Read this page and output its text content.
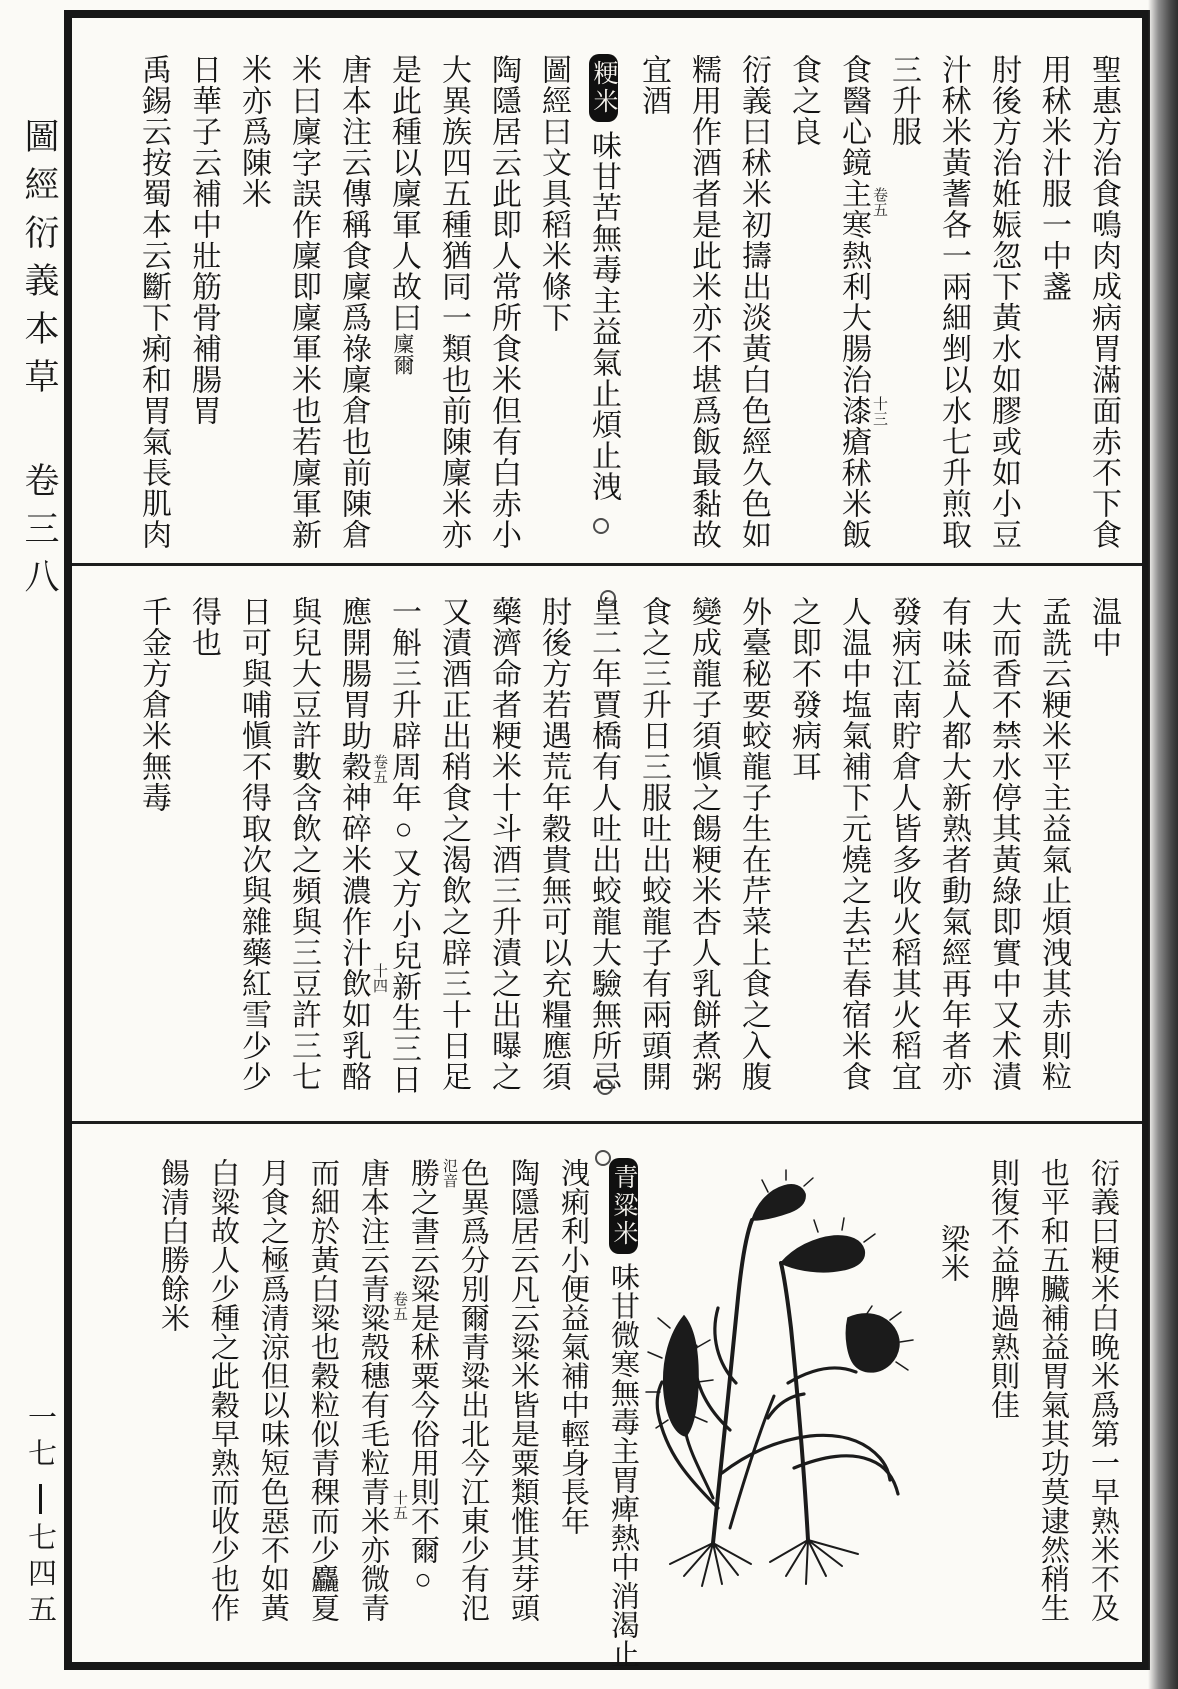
圖經衍義本草卷三八
一七七四五
聖惠方治食鳴肉成病胃滿面赤不下食
用秫米汁服一中盞
肘後方治姙娠忽下黃水如膠或如小豆
汁秫米黃蓍各一兩細剉以水七升煎取
三升服
食醫心鏡主寒熱利大腸治漆瘡秫米飯 卷五
十三
食之良
衍義曰秫米初擣出淡黃白色經久色如
糯用作酒者是此米亦不堪爲飯最黏故
宜酒
粳米味甘苦無毒主益氣止煩止洩
圖經曰文具稻米條下
陶隱居云此即人常所食米但有白赤小
大異族四五種猶同一類也前陳廩米亦
是此種以廩軍人故曰廩爾
唐本注云傳稱食廩爲祿廩倉也前陳倉
米曰廩字誤作廩即廩軍米也若廩軍新
米亦爲陳米
日華子云補中壯筋骨補腸胃
禹錫云按蜀本云斷下痢和胃氣長肌肉
温中
孟詵云粳米平主益氣止煩洩其赤則粒
大而香不禁水停其黃綠即實中又术漬
有味益人都大新熟者動氣經再年者亦
發病江南貯倉人皆多收火稻其火稻宜
人温中塩氣補下元燒之去芒春宿米食
之即不發病耳
外臺秘要蛟龍子生在芹菜上食之入腹
變成龍子須愼之餳粳米杏人乳餅煮粥
食之三升日三服吐出蛟龍子有兩頭開
皇二年賈橋有人吐出蛟龍大驗無所忌
肘後方若遇荒年穀貴無可以充糧應須
藥濟命者粳米十斗酒三升漬之出曝之
又漬酒正出稍食之渴飲之辟三十日足
一斛三升辟周年○又方小兒新生三日
應開腸胃助穀神碎米濃作汁飲如乳酪 卷五
十四
與兒大豆許數含飲之頻與三豆許三七
日可與哺愼不得取次與雜藥紅雪少少
得也
千金方倉米無毒
衍義曰粳米白晚米爲第一早熟米不及
也平和五臟補益胃氣其功莫逮然稍生
則復不益脾過熟則佳
梁米
青粱米味甘微寒無毒主胃痺熱中消渴止
洩痢利小便益氣補中輕身長年
陶隱居云凡云粱米皆是粟類惟其芽頭
色異爲分別爾青粱出北今江東少有氾
勝之書云粱是秫粟今俗用則不爾○ 氾音
唐本注云青粱殼穗有毛粒青米亦微青 卷五
十五
而細於黃白粱也穀粒似青稞而少麤夏
月食之極爲清涼但以味短色惡不如黃
白粱故人少種之此穀早熟而收少也作
餳清白勝餘米
